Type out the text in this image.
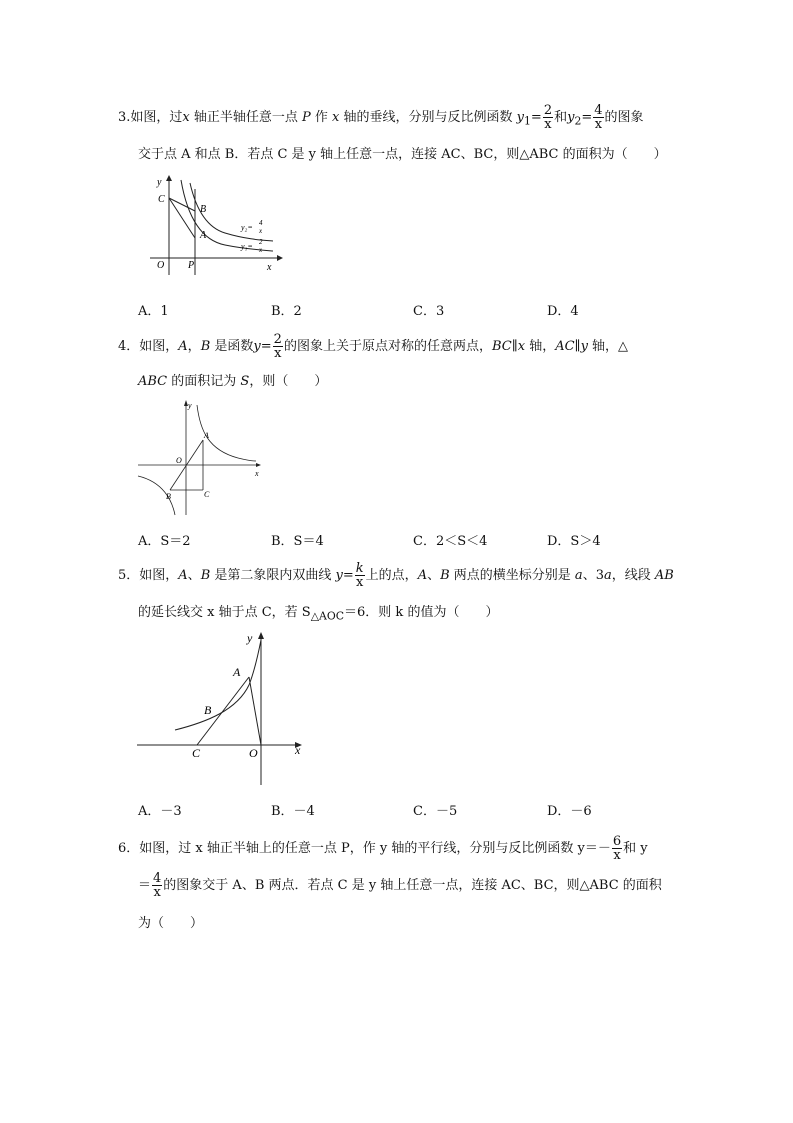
3.如图，过x 轴正半轴任意一点 P 作 x 轴的垂线，分别与反比例函数 $y_1= \frac{2}{x}$ 和$y_2= \frac{4}{x}$ 的图象
交于点 A 和点 B．若点 C 是 y 轴上任意一点，连接 AC、BC，则△ABC 的面积为（　　）
y
x
C
B
A
O P
y₂= 4
x
y₁= 2
x
A．1	B．2	C．3	D．4
4．如图，A，B 是函数$y= \frac{2}{x}$ 的图象上关于原点对称的任意两点，BC∥x 轴，AC∥y 轴，△
ABC 的面积记为 S，则（　　）
y
x
O
A
B	C
A．S＝2	B．S＝4	C．2＜S＜4	D．S＞4
5．如图，A、B 是第二象限内双曲线 $y= \frac{k}{x}$ 上的点，A、B 两点的横坐标分别是 a、3a，线段 AB
的延长线交 x 轴于点 C，若 $S_{\triangle AOC}=6$．则 k 的值为（　　）
y
x
A
B
C	O
A．－3	B．－4	C．－5	D．－6
6．如图，过 x 轴正半轴上的任意一点 P，作 y 轴的平行线，分别与反比例函数 $y=- \frac{6}{x}$ 和 y
＝ $\frac{4}{x}$ 的图象交于 A、B 两点．若点 C 是 y 轴上任意一点，连接 AC、BC，则△ABC 的面积
为（　　）
